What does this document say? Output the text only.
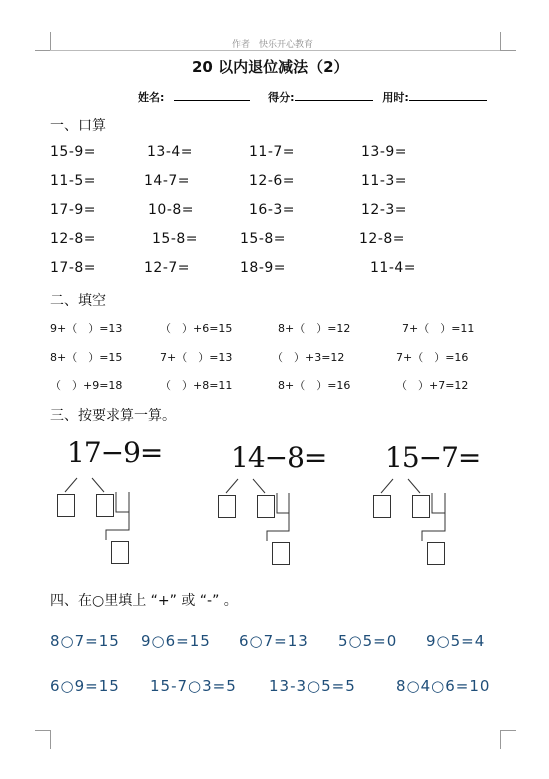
作者　快乐开心教育
20 以内退位减法（2）
姓名:	得分:	用时:
一、口算
15-9=	13-4=	11-7=	13-9=
11-5=	14-7=	12-6=	11-3=
17-9=	10-8=	16-3=	12-3=
12-8=	15-8=	15-8=	12-8=
17-8=	12-7=	18-9=	11-4=
二、填空
9+（　）=13	（　）+6=15	8+（　）=12	7+（　）=11
8+（　）=15	7+（　）=13	（　）+3=12	7+（　）=16
（　）+9=18	（　）+8=11	8+（　）=16	（　）+7=12
三、按要求算一算。
17−9= 14−8= 15−7=
四、在○里填上 “+” 或 “-” 。
8○7=15 9○6=15 6○7=13 5○5=0 9○5=4
6○9=15 15-7○3=5 13-3○5=5	8○4○6=10
